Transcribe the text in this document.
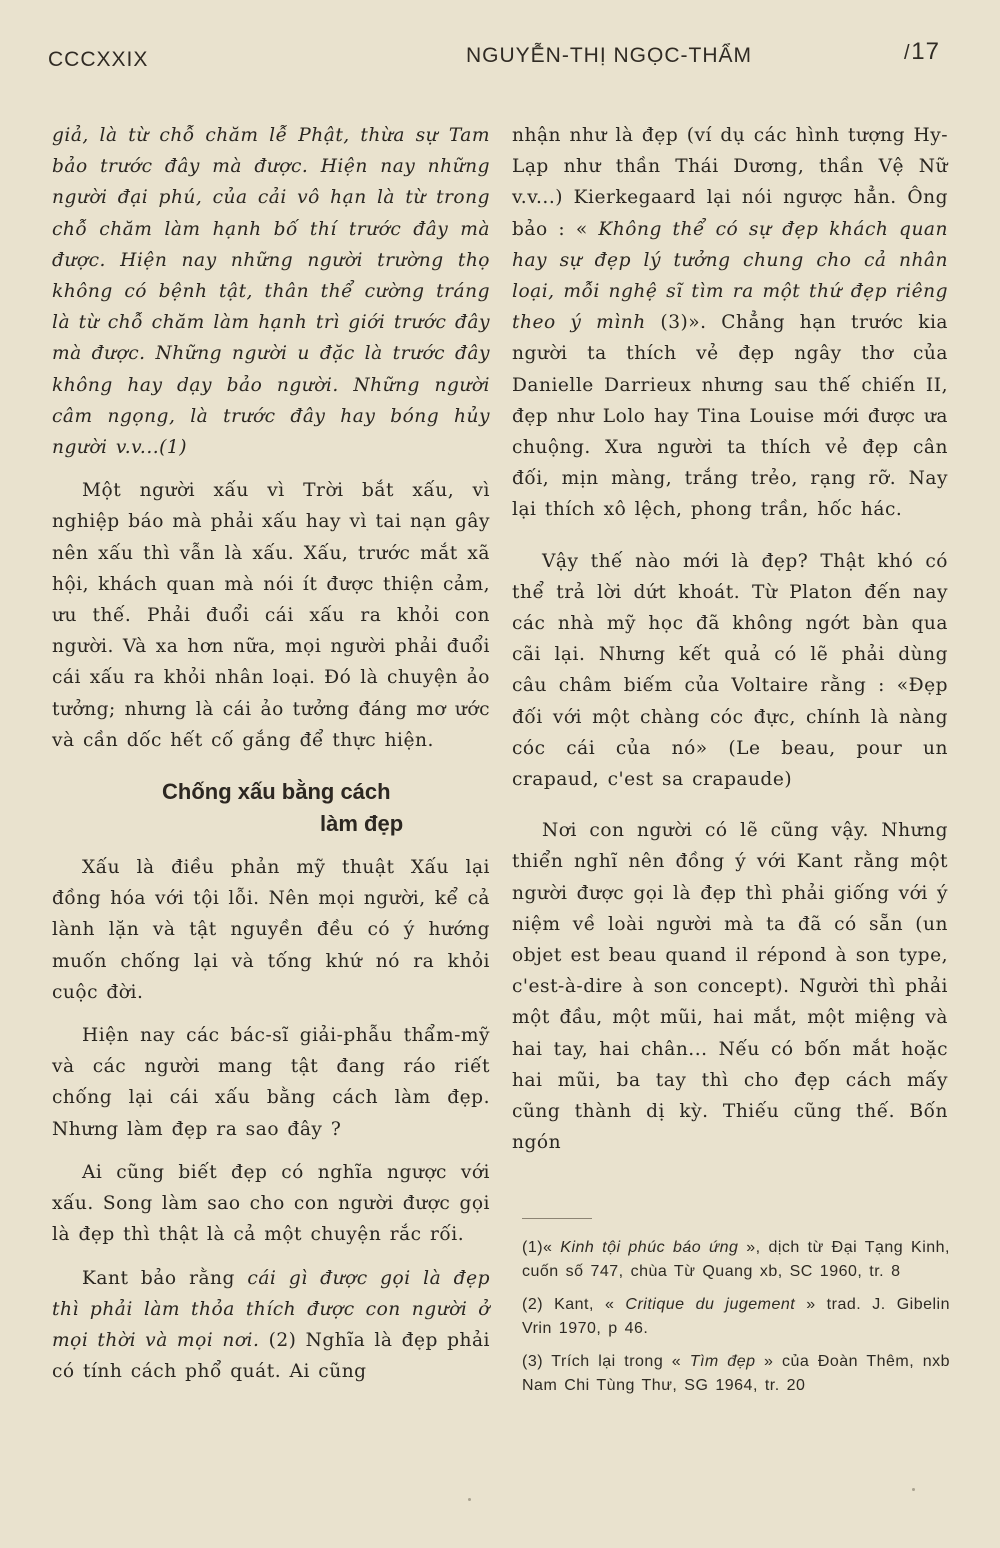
CCCXXIX	NGUYỄN-THỊ NGỌC-THẨM	/ 17

giả, là từ chỗ chăm lễ Phật, thừa sự Tam bảo trước đây mà được. Hiện nay những người đại phú, của cải vô hạn là từ trong chỗ chăm làm hạnh bố thí trước đây mà được. Hiện nay những người trường thọ không có bệnh tật, thân thể cường tráng là từ chỗ chăm làm hạnh trì giới trước đây mà được. Những người u đặc là trước đây không hay dạy bảo người. Những người câm ngọng, là trước đây hay bóng hủy người v.v...(1)

Một người xấu vì Trời bắt xấu, vì nghiệp báo mà phải xấu hay vì tai nạn gây nên xấu thì vẫn là xấu. Xấu, trước mắt xã hội, khách quan mà nói ít được thiện cảm, ưu thế. Phải đuổi cái xấu ra khỏi con người. Và xa hơn nữa, mọi người phải đuổi cái xấu ra khỏi nhân loại. Đó là chuyện ảo tưởng; nhưng là cái ảo tưởng đáng mơ ước và cần dốc hết cố gắng để thực hiện.

Chống xấu bằng cách
làm đẹp

Xấu là điều phản mỹ thuật Xấu lại đồng hóa với tội lỗi. Nên mọi người, kể cả lành lặn và tật nguyền đều có ý hướng muốn chống lại và tống khứ nó ra khỏi cuộc đời.

Hiện nay các bác-sĩ giải-phẫu thẩm-mỹ và các người mang tật đang ráo riết chống lại cái xấu bằng cách làm đẹp. Nhưng làm đẹp ra sao đây ?

Ai cũng biết đẹp có nghĩa ngược với xấu. Song làm sao cho con người được gọi là đẹp thì thật là cả một chuyện rắc rối.

Kant bảo rằng cái gì được gọi là đẹp thì phải làm thỏa thích được con người ở mọi thời và mọi nơi. (2) Nghĩa là đẹp phải có tính cách phổ quát. Ai cũng

nhận như là đẹp (ví dụ các hình tượng Hy-Lạp như thần Thái Dương, thần Vệ Nữ v.v...) Kierkegaard lại nói ngược hẳn. Ông bảo : « Không thể có sự đẹp khách quan hay sự đẹp lý tưởng chung cho cả nhân loại, mỗi nghệ sĩ tìm ra một thứ đẹp riêng theo ý mình (3)». Chẳng hạn trước kia người ta thích vẻ đẹp ngây thơ của Danielle Darrieux nhưng sau thế chiến II, đẹp như Lolo hay Tina Louise mới được ưa chuộng. Xưa người ta thích vẻ đẹp cân đối, mịn màng, trắng trẻo, rạng rỡ. Nay lại thích xô lệch, phong trần, hốc hác.

Vậy thế nào mới là đẹp? Thật khó có thể trả lời dứt khoát. Từ Platon đến nay các nhà mỹ học đã không ngớt bàn qua cãi lại. Nhưng kết quả có lẽ phải dùng câu châm biếm của Voltaire rằng : «Đẹp đối với một chàng cóc đực, chính là nàng cóc cái của nó» (Le beau, pour un crapaud, c'est sa crapaude)

Nơi con người có lẽ cũng vậy. Nhưng thiển nghĩ nên đồng ý với Kant rằng một người được gọi là đẹp thì phải giống với ý niệm về loài người mà ta đã có sẵn (un objet est beau quand il répond à son type, c'est-à-dire à son concept). Người thì phải một đầu, một mũi, hai mắt, một miệng và hai tay, hai chân... Nếu có bốn mắt hoặc hai mũi, ba tay thì cho đẹp cách mấy cũng thành dị kỳ. Thiếu cũng thế. Bốn ngón

(1)« Kinh tội phúc báo ứng », dịch từ Đại Tạng Kinh, cuốn số 747, chùa Từ Quang xb, SC 1960, tr. 8

(2) Kant, « Critique du jugement » trad. J. Gibelin Vrin 1970, p 46.

(3) Trích lại trong « Tìm đẹp » của Đoàn Thêm, nxb Nam Chi Tùng Thư, SG 1964, tr. 20
